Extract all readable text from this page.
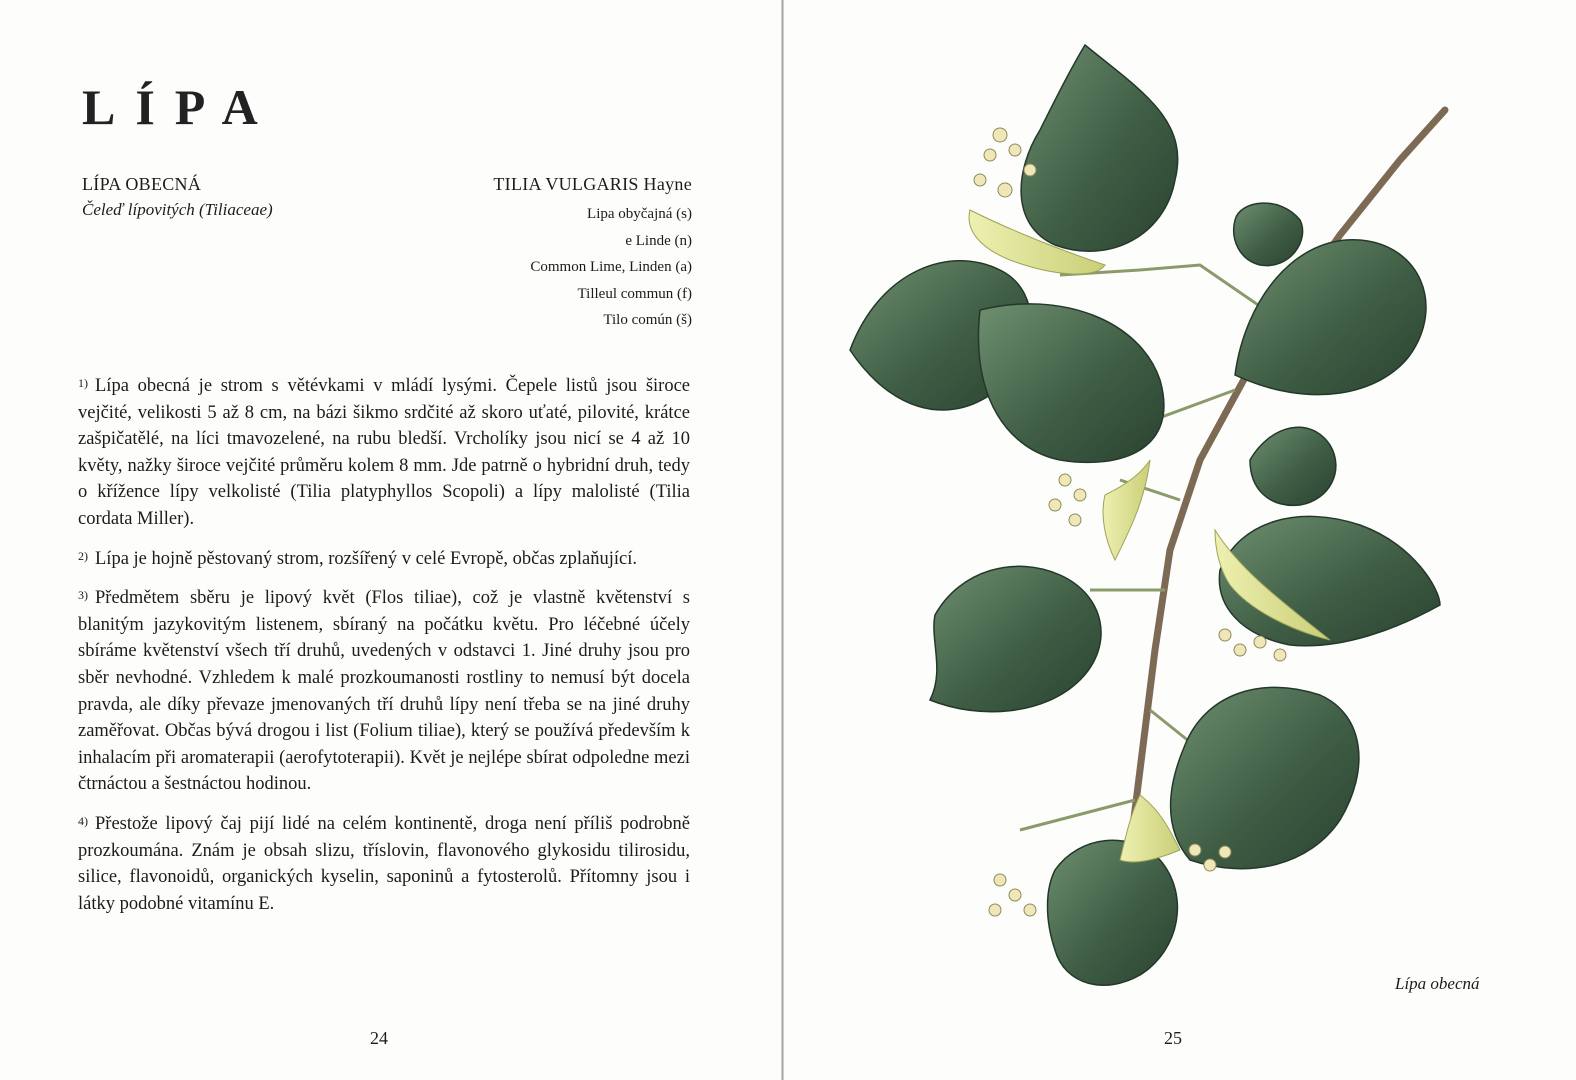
LÍPA
LÍPA OBECNÁ
Čeleď lípovitých (Tiliaceae)
TILIA VULGARIS Hayne
Lipa obyčajná (s)
e Linde (n)
Common Lime, Linden (a)
Tilleul commun (f)
Tilo común (š)

$^{1)}$ Lípa obecná je strom s větévkami v mládí lysými. Čepele listů jsou široce vejčité, velikosti 5 až 8 cm, na bázi šikmo srdčité až skoro uťaté, pilovité, krátce zašpičatělé, na líci tmavozelené, na rubu bledší. Vrcholíky jsou nicí se 4 až 10 květy, nažky široce vejčité průměru kolem 8 mm. Jde patrně o hybridní druh, tedy o křížence lípy velkolisté (Tilia platyphyllos Scopoli) a lípy malolisté (Tilia cordata Miller).

$^{2)}$ Lípa je hojně pěstovaný strom, rozšířený v celé Evropě, občas zplaňující.

$^{3)}$ Předmětem sběru je lipový květ (Flos tiliae), což je vlastně květenství s blanitým jazykovitým listenem, sbíraný na počátku květu. Pro léčebné účely sbíráme květenství všech tří druhů, uvedených v odstavci 1. Jiné druhy jsou pro sběr nevhodné. Vzhledem k malé prozkoumanosti rostliny to nemusí být docela pravda, ale díky převaze jmenovaných tří druhů lípy není třeba se na jiné druhy zaměřovat. Občas bývá drogou i list (Folium tiliae), který se používá především k inhalacím při aromaterapii (aerofytoterapii). Květ je nejlépe sbírat odpoledne mezi čtrnáctou a šestnáctou hodinou.

$^{4)}$ Přestože lipový čaj pijí lidé na celém kontinentě, droga není příliš podrobně prozkoumána. Znám je obsah slizu, tříslovin, flavonového glykosidu tilirosidu, silice, flavonoidů, organických kyselin, saponinů a fytosterolů. Přítomny jsou i látky podobné vitamínu E.

24
Lípa obecná
25
